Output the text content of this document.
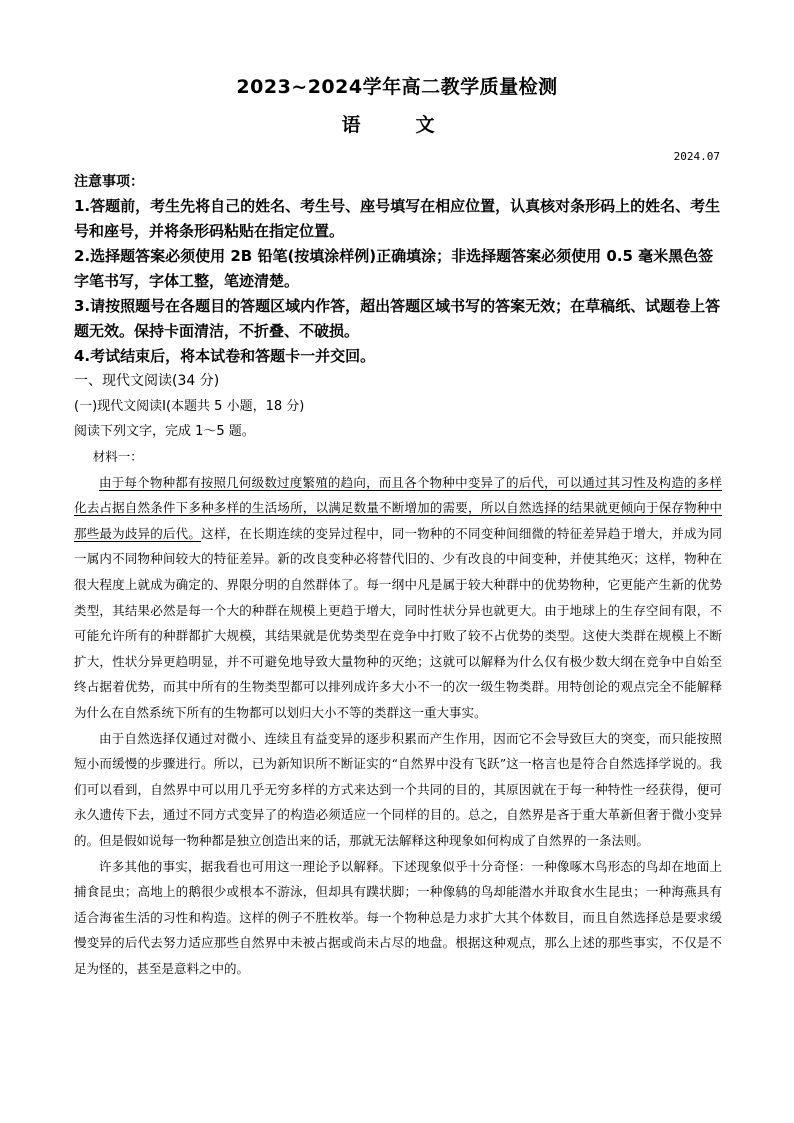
2023~2024学年高二教学质量检测
语　文
2024.07

注意事项：

1.答题前，考生先将自己的姓名、考生号、座号填写在相应位置，认真核对条形码上的姓名、考生号和座号，并将条形码粘贴在指定位置。

2.选择题答案必须使用 2B 铅笔(按填涂样例)正确填涂；非选择题答案必须使用 0.5 毫米黑色签字笔书写，字体工整，笔迹清楚。

3.请按照题号在各题目的答题区域内作答，超出答题区域书写的答案无效；在草稿纸、试题卷上答题无效。保持卡面清洁，不折叠、不破损。

4.考试结束后，将本试卷和答题卡一并交回。

一、现代文阅读(34 分)
(一)现代文阅读Ⅰ(本题共 5 小题，18 分)
阅读下列文字，完成 1～5 题。

材料一：

由于每个物种都有按照几何级数过度繁殖的趋向，而且各个物种中变异了的后代，可以通过其习性及构造的多样化去占据自然条件下多种多样的生活场所，以满足数量不断增加的需要，所以自然选择的结果就更倾向于保存物种中那些最为歧异的后代。这样，在长期连续的变异过程中，同一物种的不同变种间细微的特征差异趋于增大，并成为同一属内不同物种间较大的特征差异。新的改良变种必将替代旧的、少有改良的中间变种，并使其绝灭；这样，物种在很大程度上就成为确定的、界限分明的自然群体了。每一纲中凡是属于较大种群中的优势物种，它更能产生新的优势类型，其结果必然是每一个大的种群在规模上更趋于增大，同时性状分异也就更大。由于地球上的生存空间有限，不可能允许所有的种群都扩大规模，其结果就是优势类型在竞争中打败了较不占优势的类型。这使大类群在规模上不断扩大，性状分异更趋明显，并不可避免地导致大量物种的灭绝；这就可以解释为什么仅有极少数大纲在竞争中自始至终占据着优势，而其中所有的生物类型都可以排列成许多大小不一的次一级生物类群。用特创论的观点完全不能解释为什么在自然系统下所有的生物都可以划归大小不等的类群这一重大事实。

由于自然选择仅通过对微小、连续且有益变异的逐步积累而产生作用，因而它不会导致巨大的突变，而只能按照短小而缓慢的步骤进行。所以，已为新知识所不断证实的“自然界中没有飞跃”这一格言也是符合自然选择学说的。我们可以看到，自然界中可以用几乎无穷多样的方式来达到一个共同的目的，其原因就在于每一种特性一经获得，便可永久遗传下去，通过不同方式变异了的构造必须适应一个同样的目的。总之，自然界是吝于重大革新但奢于微小变异的。但是假如说每一物种都是独立创造出来的话，那就无法解释这种现象如何构成了自然界的一条法则。

许多其他的事实，据我看也可用这一理论予以解释。下述现象似乎十分奇怪：一种像啄木鸟形态的鸟却在地面上捕食昆虫；高地上的鹅很少或根本不游泳，但却具有蹼状脚；一种像鸫的鸟却能潜水并取食水生昆虫；一种海燕具有适合海雀生活的习性和构造。这样的例子不胜枚举。每一个物种总是力求扩大其个体数目，而且自然选择总是要求缓慢变异的后代去努力适应那些自然界中未被占据或尚未占尽的地盘。根据这种观点，那么上述的那些事实，不仅是不足为怪的，甚至是意料之中的。
